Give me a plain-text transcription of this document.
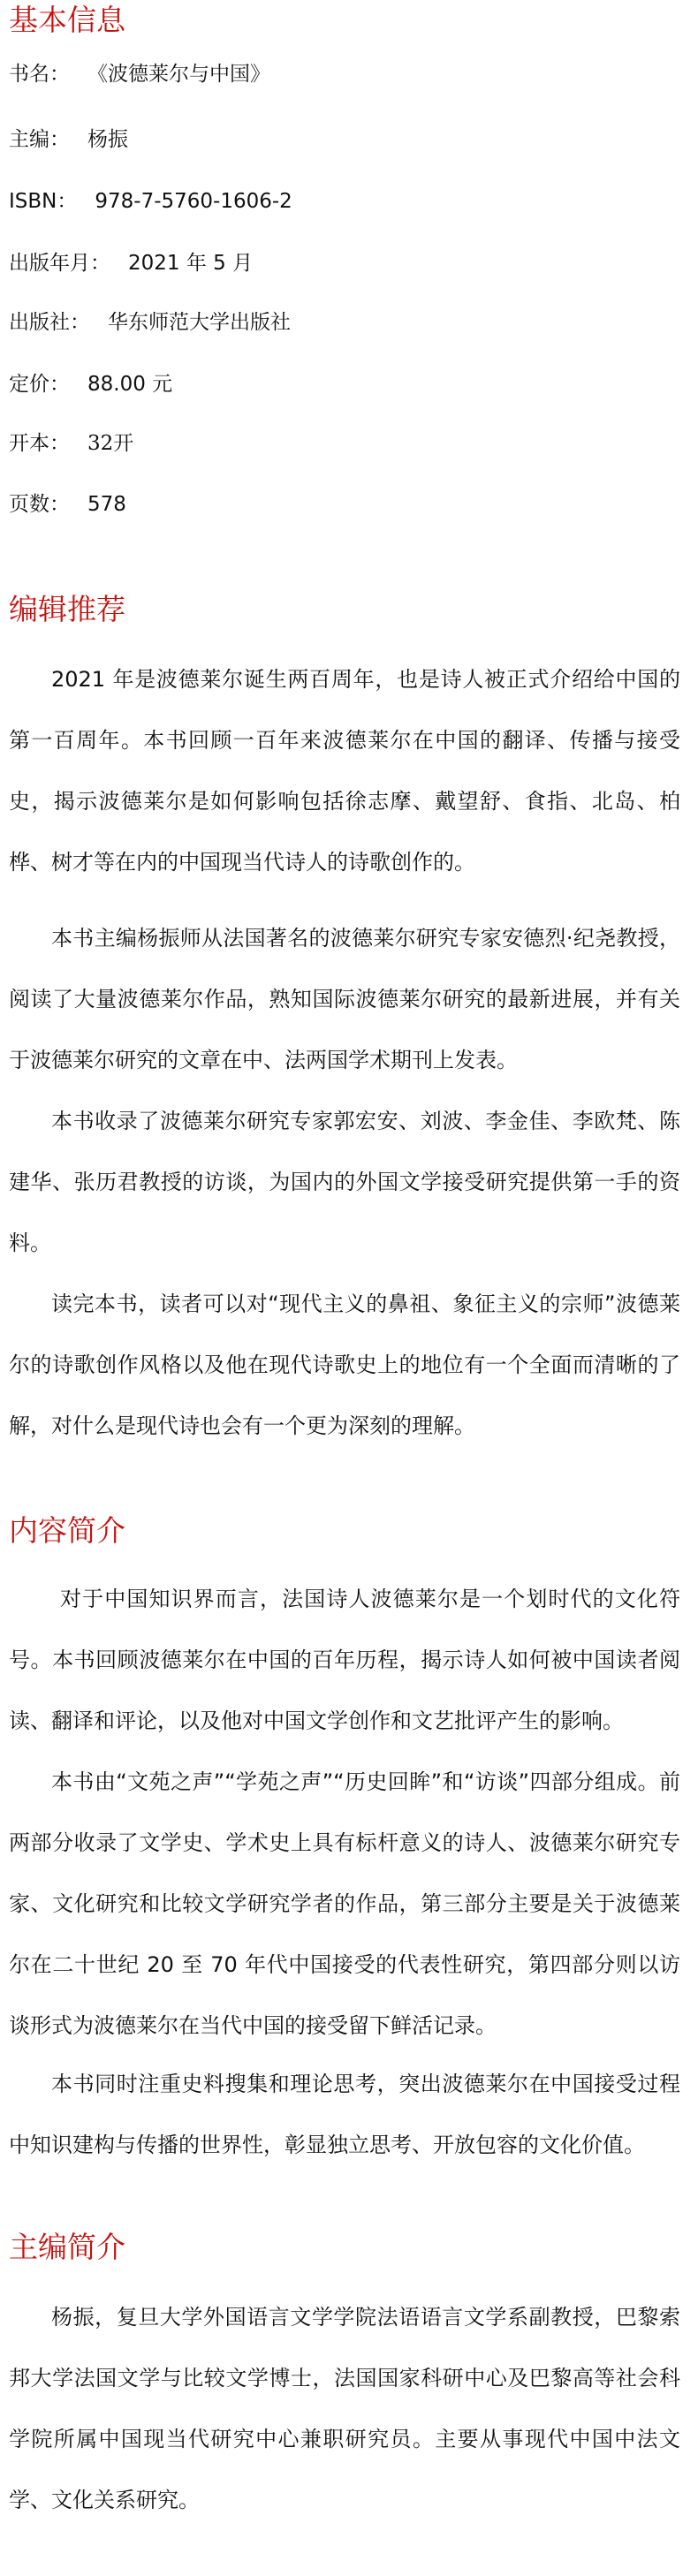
基本信息

书名： 《波德莱尔与中国》

主编： 杨振

ISBN： 978-7-5760-1606-2

出版年月： 2021 年 5 月

出版社： 华东师范大学出版社

定价： 88.00 元

开本： 32开

页数： 578

编辑推荐

2021 年是波德莱尔诞生两百周年，也是诗人被正式介绍给中国的第一百周年。本书回顾一百年来波德莱尔在中国的翻译、传播与接受史，揭示波德莱尔是如何影响包括徐志摩、戴望舒、食指、北岛、柏桦、树才等在内的中国现当代诗人的诗歌创作的。

本书主编杨振师从法国著名的波德莱尔研究专家安德烈·纪尧教授，阅读了大量波德莱尔作品，熟知国际波德莱尔研究的最新进展，并有关于波德莱尔研究的文章在中、法两国学术期刊上发表。

本书收录了波德莱尔研究专家郭宏安、刘波、李金佳、李欧梵、陈建华、张历君教授的访谈，为国内的外国文学接受研究提供第一手的资料。

读完本书，读者可以对“现代主义的鼻祖、象征主义的宗师”波德莱尔的诗歌创作风格以及他在现代诗歌史上的地位有一个全面而清晰的了解，对什么是现代诗也会有一个更为深刻的理解。

内容简介

对于中国知识界而言，法国诗人波德莱尔是一个划时代的文化符号。本书回顾波德莱尔在中国的百年历程，揭示诗人如何被中国读者阅读、翻译和评论，以及他对中国文学创作和文艺批评产生的影响。

本书由“文苑之声”“学苑之声”“历史回眸”和“访谈”四部分组成。前两部分收录了文学史、学术史上具有标杆意义的诗人、波德莱尔研究专家、文化研究和比较文学研究学者的作品，第三部分主要是关于波德莱尔在二十世纪 20 至 70 年代中国接受的代表性研究，第四部分则以访谈形式为波德莱尔在当代中国的接受留下鲜活记录。

本书同时注重史料搜集和理论思考，突出波德莱尔在中国接受过程中知识建构与传播的世界性，彰显独立思考、开放包容的文化价值。

主编简介

杨振，复旦大学外国语言文学学院法语语言文学系副教授，巴黎索邦大学法国文学与比较文学博士，法国国家科研中心及巴黎高等社会科学院所属中国现当代研究中心兼职研究员。主要从事现代中国中法文学、文化关系研究。
